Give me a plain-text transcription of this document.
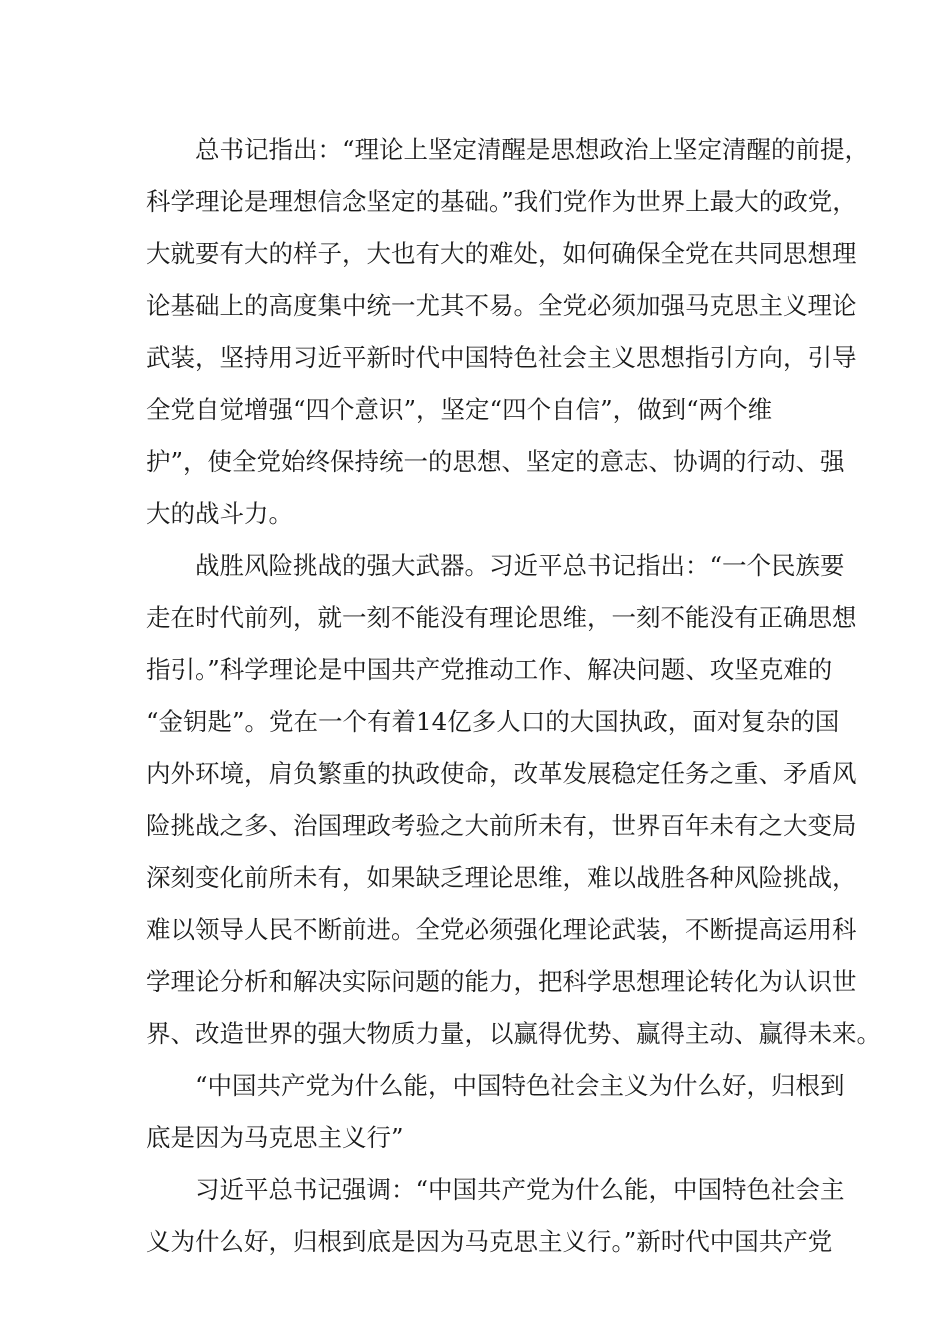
总书记指出：“理论上坚定清醒是思想政治上坚定清醒的前提，
科学理论是理想信念坚定的基础。”我们党作为世界上最大的政党，
大就要有大的样子，大也有大的难处，如何确保全党在共同思想理
论基础上的高度集中统一尤其不易。全党必须加强马克思主义理论
武装，坚持用习近平新时代中国特色社会主义思想指引方向，引导
全党自觉增强“四个意识”，坚定“四个自信”，做到“两个维
护”，使全党始终保持统一的思想、坚定的意志、协调的行动、强
大的战斗力。
战胜风险挑战的强大武器。习近平总书记指出：“一个民族要
走在时代前列，就一刻不能没有理论思维，一刻不能没有正确思想
指引。”科学理论是中国共产党推动工作、解决问题、攻坚克难的
“金钥匙”。党在一个有着14亿多人口的大国执政，面对复杂的国
内外环境，肩负繁重的执政使命，改革发展稳定任务之重、矛盾风
险挑战之多、治国理政考验之大前所未有，世界百年未有之大变局
深刻变化前所未有，如果缺乏理论思维，难以战胜各种风险挑战，
难以领导人民不断前进。全党必须强化理论武装，不断提高运用科
学理论分析和解决实际问题的能力，把科学思想理论转化为认识世
界、改造世界的强大物质力量，以赢得优势、赢得主动、赢得未来。
“中国共产党为什么能，中国特色社会主义为什么好，归根到
底是因为马克思主义行”
习近平总书记强调：“中国共产党为什么能，中国特色社会主
义为什么好，归根到底是因为马克思主义行。”新时代中国共产党
